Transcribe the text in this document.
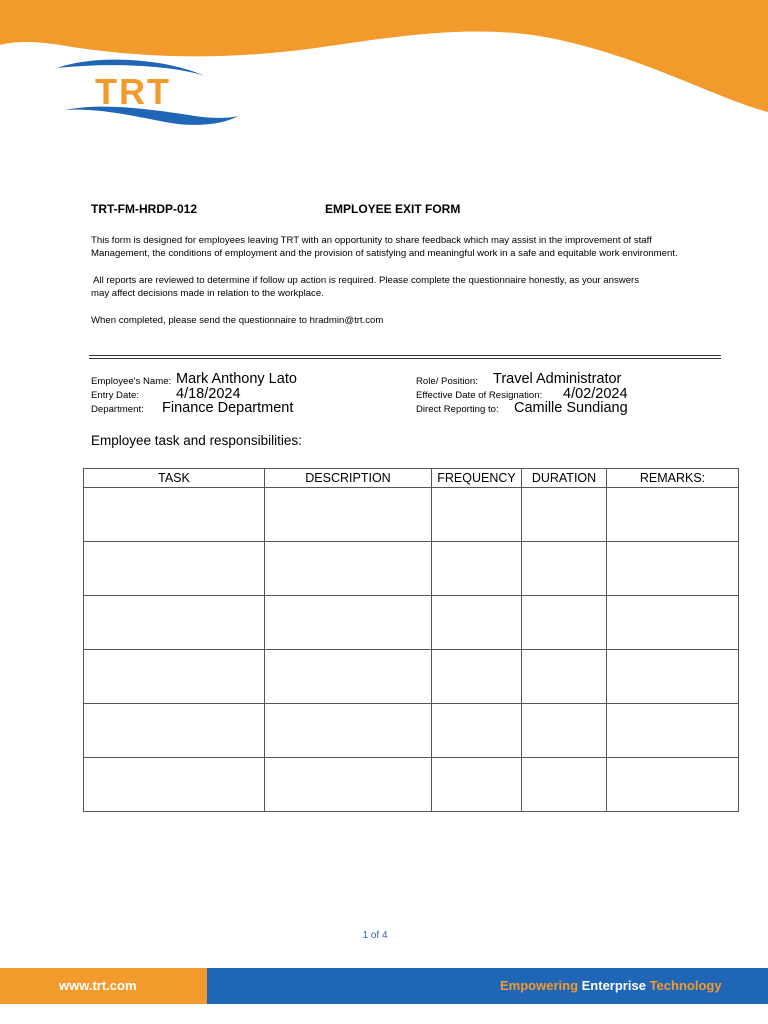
TRT
TRT-FM-HRDP-012	EMPLOYEE EXIT FORM
This form is designed for employees leaving TRT with an opportunity to share feedback which may assist in the improvement of staff
Management, the conditions of employment and the provision of satisfying and meaningful work in a safe and equitable work environment.
All reports are reviewed to determine if follow up action is required. Please complete the questionnaire honestly, as your answers
may affect decisions made in relation to the workplace.
When completed, please send the questionnaire to hradmin@trt.com
Employee's Name: Mark Anthony Lato
Entry Date:	4/18/2024
Department: Finance Department
Role/ Position: Travel Administrator
Effective Date of Resignation: 4/02/2024
Direct Reporting to: Camille Sundiang
Employee task and responsibilities:
TASK	DESCRIPTION	FREQUENCY	DURATION	REMARKS:

1 of 4
www.trt.com	Empowering Enterprise Technology
